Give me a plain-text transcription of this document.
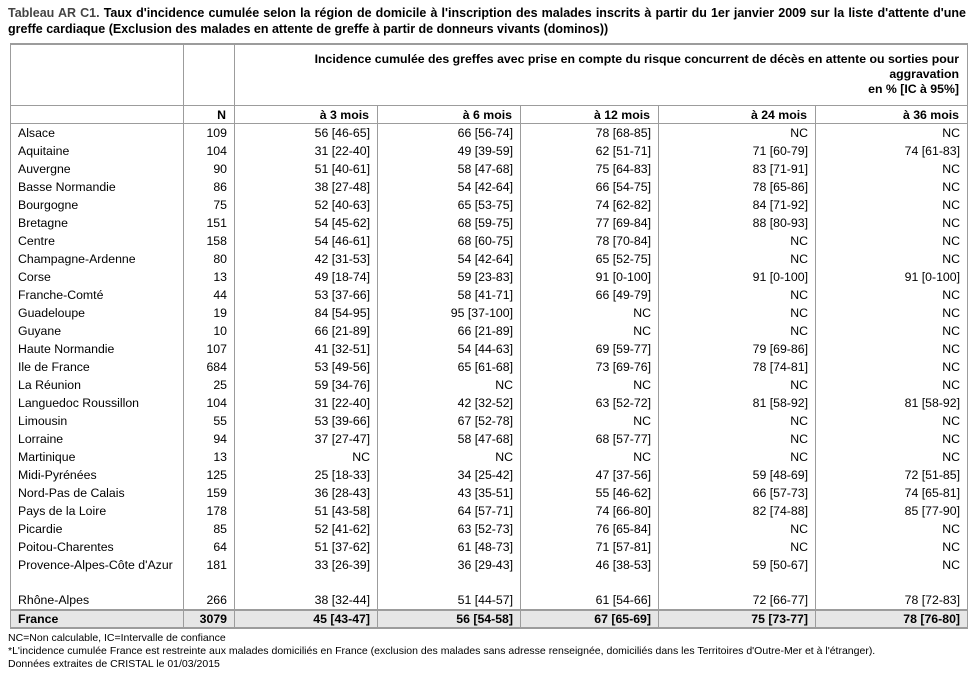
Tableau AR C1. Taux d'incidence cumulée selon la région de domicile à l'inscription des malades inscrits à partir du 1er janvier 2009 sur la liste d'attente d'une greffe cardiaque (Exclusion des malades en attente de greffe à partir de donneurs vivants (dominos))

		Incidence cumulée des greffes avec prise en compte du risque concurrent de décès en attente ou sorties pour aggravation
en % [IC à 95%]				

	N	à 3 mois	à 6 mois	à 12 mois	à 24 mois	à 36 mois
Alsace	109	56 [46-65]	66 [56-74]	78 [68-85]	NC	NC
Aquitaine	104	31 [22-40]	49 [39-59]	62 [51-71]	71 [60-79]	74 [61-83]
Auvergne	90	51 [40-61]	58 [47-68]	75 [64-83]	83 [71-91]	NC
Basse Normandie	86	38 [27-48]	54 [42-64]	66 [54-75]	78 [65-86]	NC
Bourgogne	75	52 [40-63]	65 [53-75]	74 [62-82]	84 [71-92]	NC
Bretagne	151	54 [45-62]	68 [59-75]	77 [69-84]	88 [80-93]	NC
Centre	158	54 [46-61]	68 [60-75]	78 [70-84]	NC	NC
Champagne-Ardenne	80	42 [31-53]	54 [42-64]	65 [52-75]	NC	NC
Corse	13	49 [18-74]	59 [23-83]	91 [0-100]	91 [0-100]	91 [0-100]
Franche-Comté	44	53 [37-66]	58 [41-71]	66 [49-79]	NC	NC
Guadeloupe	19	84 [54-95]	95 [37-100]	NC	NC	NC
Guyane	10	66 [21-89]	66 [21-89]	NC	NC	NC
Haute Normandie	107	41 [32-51]	54 [44-63]	69 [59-77]	79 [69-86]	NC
Ile de France	684	53 [49-56]	65 [61-68]	73 [69-76]	78 [74-81]	NC
La Réunion	25	59 [34-76]	NC	NC	NC	NC
Languedoc Roussillon	104	31 [22-40]	42 [32-52]	63 [52-72]	81 [58-92]	81 [58-92]
Limousin	55	53 [39-66]	67 [52-78]	NC	NC	NC
Lorraine	94	37 [27-47]	58 [47-68]	68 [57-77]	NC	NC
Martinique	13	NC	NC	NC	NC	NC
Midi-Pyrénées	125	25 [18-33]	34 [25-42]	47 [37-56]	59 [48-69]	72 [51-85]
Nord-Pas de Calais	159	36 [28-43]	43 [35-51]	55 [46-62]	66 [57-73]	74 [65-81]
Pays de la Loire	178	51 [43-58]	64 [57-71]	74 [66-80]	82 [74-88]	85 [77-90]
Picardie	85	52 [41-62]	63 [52-73]	76 [65-84]	NC	NC
Poitou-Charentes	64	51 [37-62]	61 [48-73]	71 [57-81]	NC	NC
Provence-Alpes-Côte d'Azur	181	33 [26-39]	36 [29-43]	46 [38-53]	59 [50-67]	NC
Rhône-Alpes	266	38 [32-44]	51 [44-57]	61 [54-66]	72 [66-77]	78 [72-83]
France	3079	45 [43-47]	56 [54-58]	67 [65-69]	75 [73-77]	78 [76-80]
NC=Non calculable, IC=Intervalle de confiance
*L'incidence cumulée France est restreinte aux malades domiciliés en France (exclusion des malades sans adresse renseignée, domiciliés dans les Territoires d'Outre-Mer et à l'étranger).
Données extraites de CRISTAL le 01/03/2015
